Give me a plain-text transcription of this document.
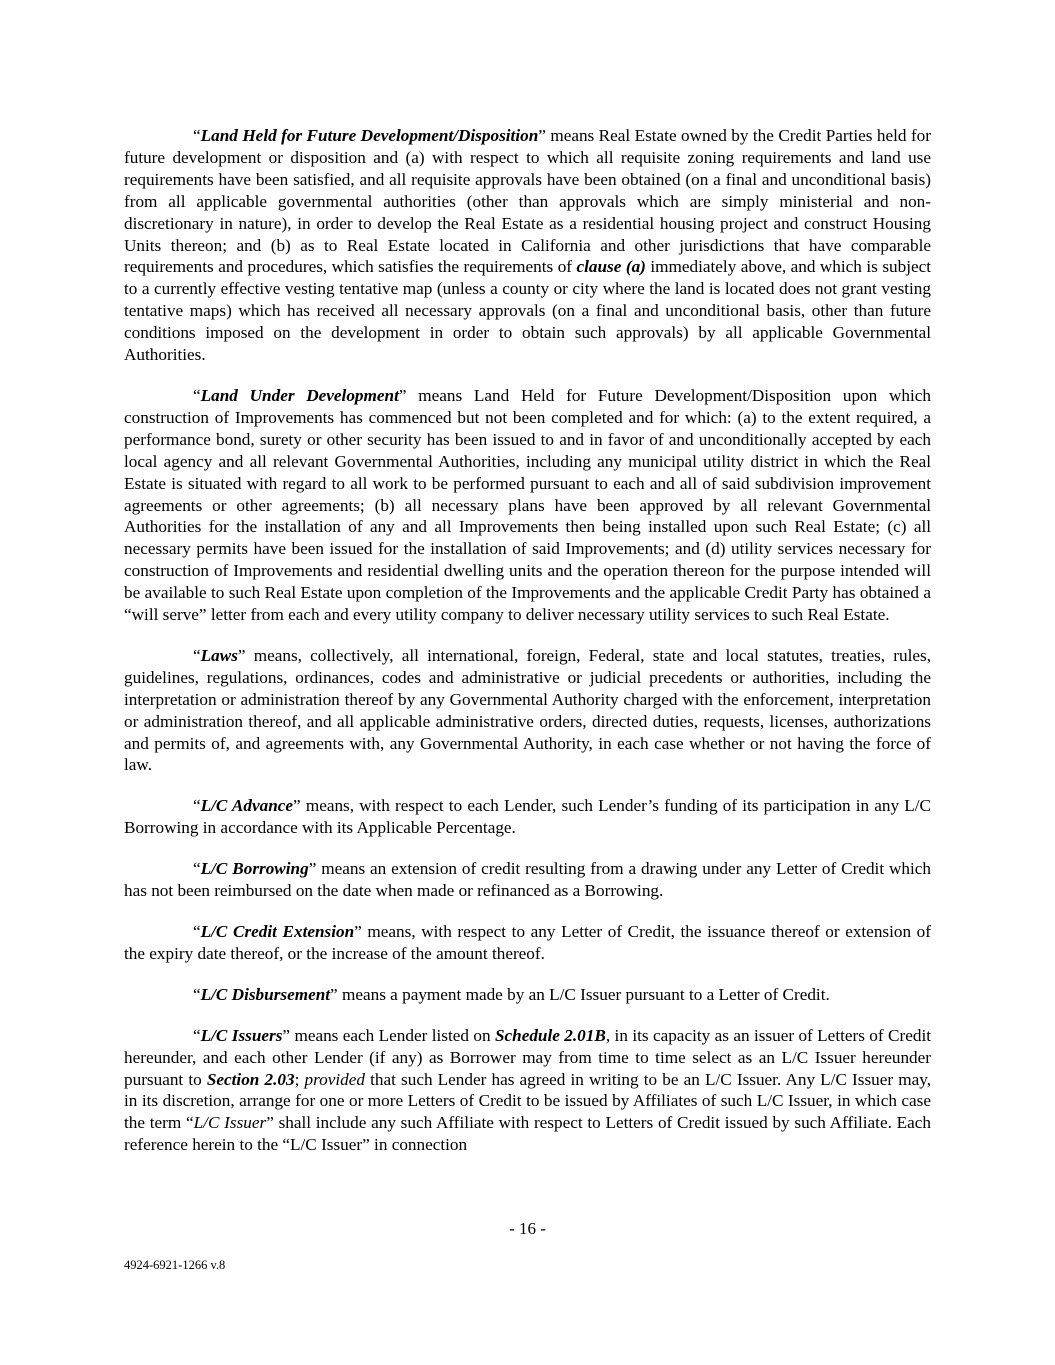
“Land Held for Future Development/Disposition” means Real Estate owned by the Credit Parties held for future development or disposition and (a) with respect to which all requisite zoning requirements and land use requirements have been satisfied, and all requisite approvals have been obtained (on a final and unconditional basis) from all applicable governmental authorities (other than approvals which are simply ministerial and non-discretionary in nature), in order to develop the Real Estate as a residential housing project and construct Housing Units thereon; and (b) as to Real Estate located in California and other jurisdictions that have comparable requirements and procedures, which satisfies the requirements of clause (a) immediately above, and which is subject to a currently effective vesting tentative map (unless a county or city where the land is located does not grant vesting tentative maps) which has received all necessary approvals (on a final and unconditional basis, other than future conditions imposed on the development in order to obtain such approvals) by all applicable Governmental Authorities.

“Land Under Development” means Land Held for Future Development/Disposition upon which construction of Improvements has commenced but not been completed and for which: (a) to the extent required, a performance bond, surety or other security has been issued to and in favor of and unconditionally accepted by each local agency and all relevant Governmental Authorities, including any municipal utility district in which the Real Estate is situated with regard to all work to be performed pursuant to each and all of said subdivision improvement agreements or other agreements; (b) all necessary plans have been approved by all relevant Governmental Authorities for the installation of any and all Improvements then being installed upon such Real Estate; (c) all necessary permits have been issued for the installation of said Improvements; and (d) utility services necessary for construction of Improvements and residential dwelling units and the operation thereon for the purpose intended will be available to such Real Estate upon completion of the Improvements and the applicable Credit Party has obtained a “will serve” letter from each and every utility company to deliver necessary utility services to such Real Estate.

“Laws” means, collectively, all international, foreign, Federal, state and local statutes, treaties, rules, guidelines, regulations, ordinances, codes and administrative or judicial precedents or authorities, including the interpretation or administration thereof by any Governmental Authority charged with the enforcement, interpretation or administration thereof, and all applicable administrative orders, directed duties, requests, licenses, authorizations and permits of, and agreements with, any Governmental Authority, in each case whether or not having the force of law.

“L/C Advance” means, with respect to each Lender, such Lender’s funding of its participation in any L/C Borrowing in accordance with its Applicable Percentage.

“L/C Borrowing” means an extension of credit resulting from a drawing under any Letter of Credit which has not been reimbursed on the date when made or refinanced as a Borrowing.

“L/C Credit Extension” means, with respect to any Letter of Credit, the issuance thereof or extension of the expiry date thereof, or the increase of the amount thereof.

“L/C Disbursement” means a payment made by an L/C Issuer pursuant to a Letter of Credit.

“L/C Issuers” means each Lender listed on Schedule 2.01B, in its capacity as an issuer of Letters of Credit hereunder, and each other Lender (if any) as Borrower may from time to time select as an L/C Issuer hereunder pursuant to Section 2.03; provided that such Lender has agreed in writing to be an L/C Issuer. Any L/C Issuer may, in its discretion, arrange for one or more Letters of Credit to be issued by Affiliates of such L/C Issuer, in which case the term “L/C Issuer” shall include any such Affiliate with respect to Letters of Credit issued by such Affiliate. Each reference herein to the “L/C Issuer” in connection

- 16 -
4924-6921-1266 v.8
